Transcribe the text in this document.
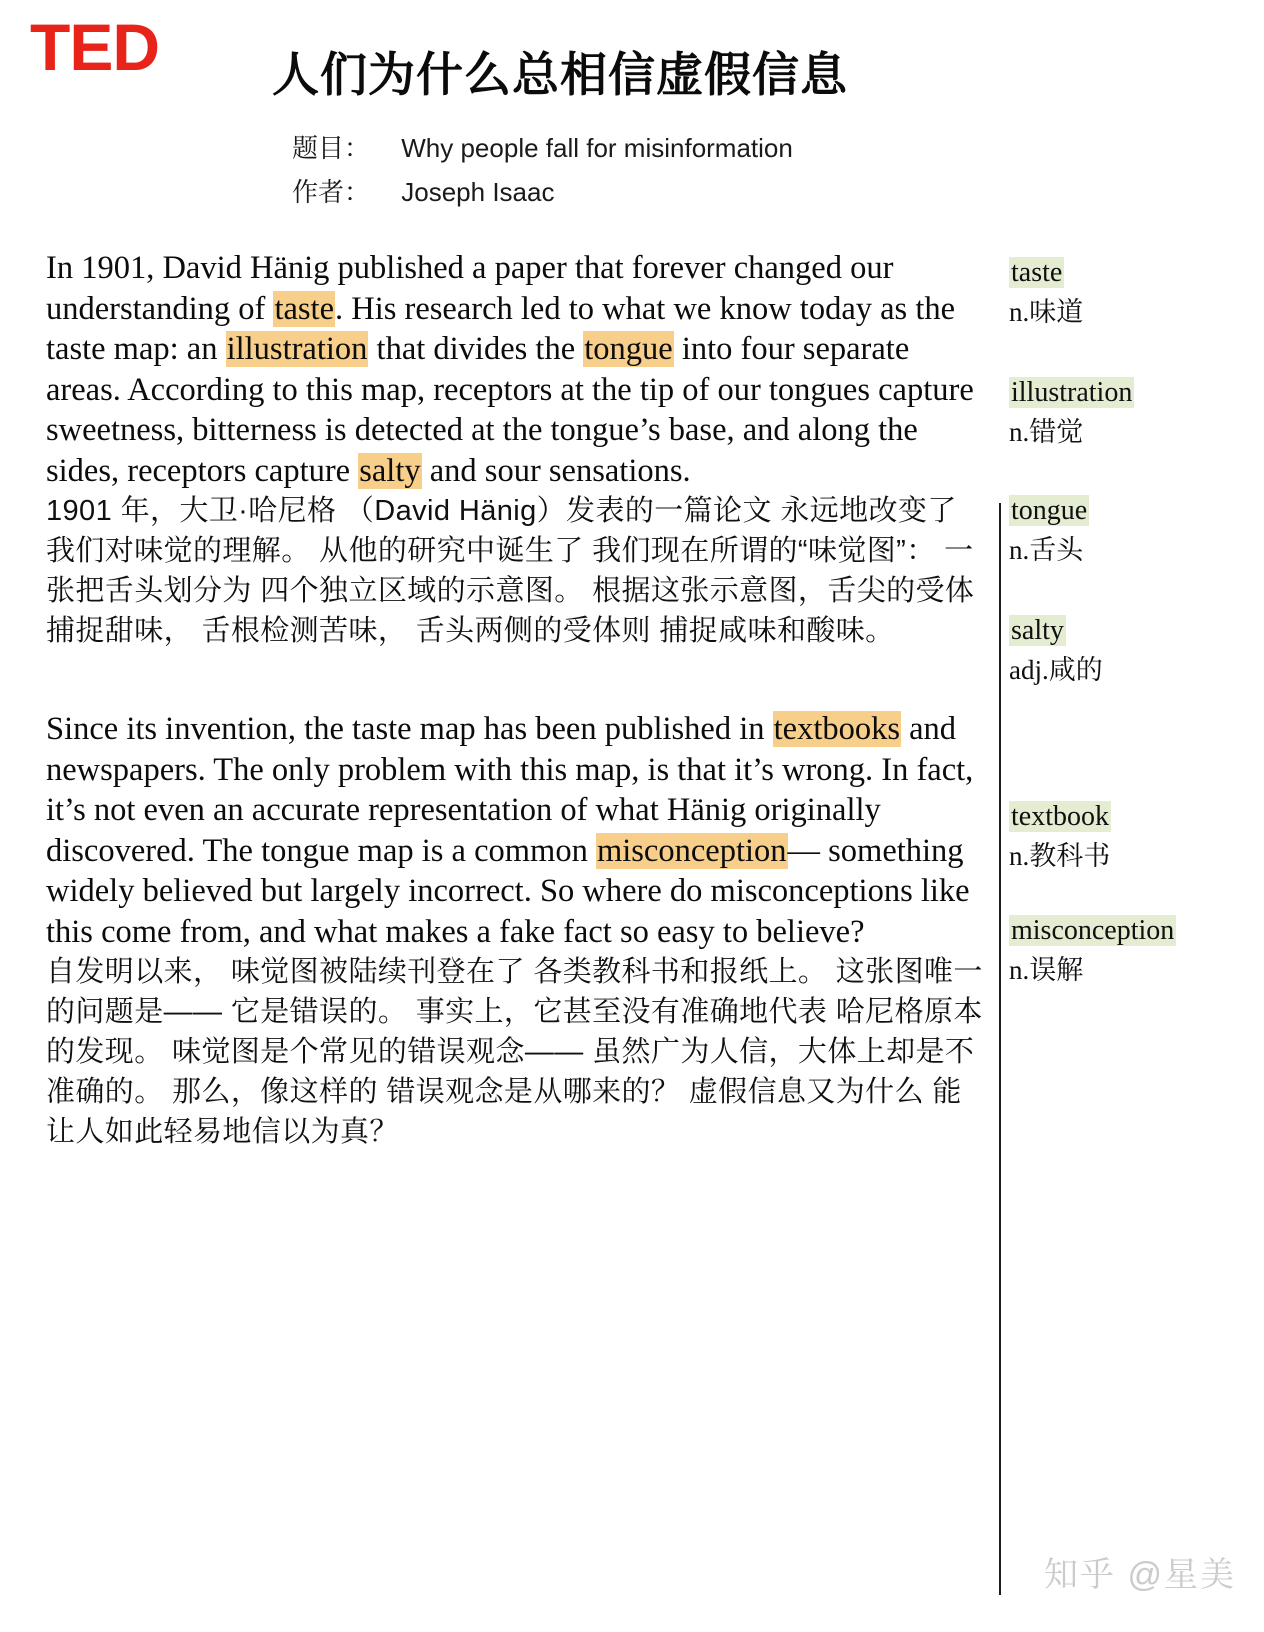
TED 人们为什么总相信虚假信息
题目： Why people fall for misinformation
作者： Joseph Isaac

In 1901, David Hänig published a paper that forever changed our understanding of taste. His research led to what we know today as the taste map: an illustration that divides the tongue into four separate areas. According to this map, receptors at the tip of our tongues capture sweetness, bitterness is detected at the tongue’s base, and along the sides, receptors capture salty and sour sensations.

1901 年，大卫·哈尼格 （David Hänig）发表的一篇论文 永远地改变了我们对味觉的理解。 从他的研究中诞生了 我们现在所谓的“味觉图”： 一张把舌头划分为 四个独立区域的示意图。 根据这张示意图，舌尖的受体捕捉甜味， 舌根检测苦味， 舌头两侧的受体则 捕捉咸味和酸味。

Since its invention, the taste map has been published in textbooks and newspapers. The only problem with this map, is that it’s wrong. In fact, it’s not even an accurate representation of what Hänig originally discovered. The tongue map is a common misconception— something widely believed but largely incorrect. So where do misconceptions like this come from, and what makes a fake fact so easy to believe?

自发明以来， 味觉图被陆续刊登在了 各类教科书和报纸上。 这张图唯一的问题是—— 它是错误的。 事实上，它甚至没有准确地代表 哈尼格原本的发现。 味觉图是个常见的错误观念—— 虽然广为人信，大体上却是不准确的。 那么，像这样的 错误观念是从哪来的？ 虚假信息又为什么 能让人如此轻易地信以为真？

taste
n.味道
illustration
n.错觉
tongue
n.舌头
salty
adj.咸的
textbook
n.教科书
misconception
n.误解
知乎 @星美
